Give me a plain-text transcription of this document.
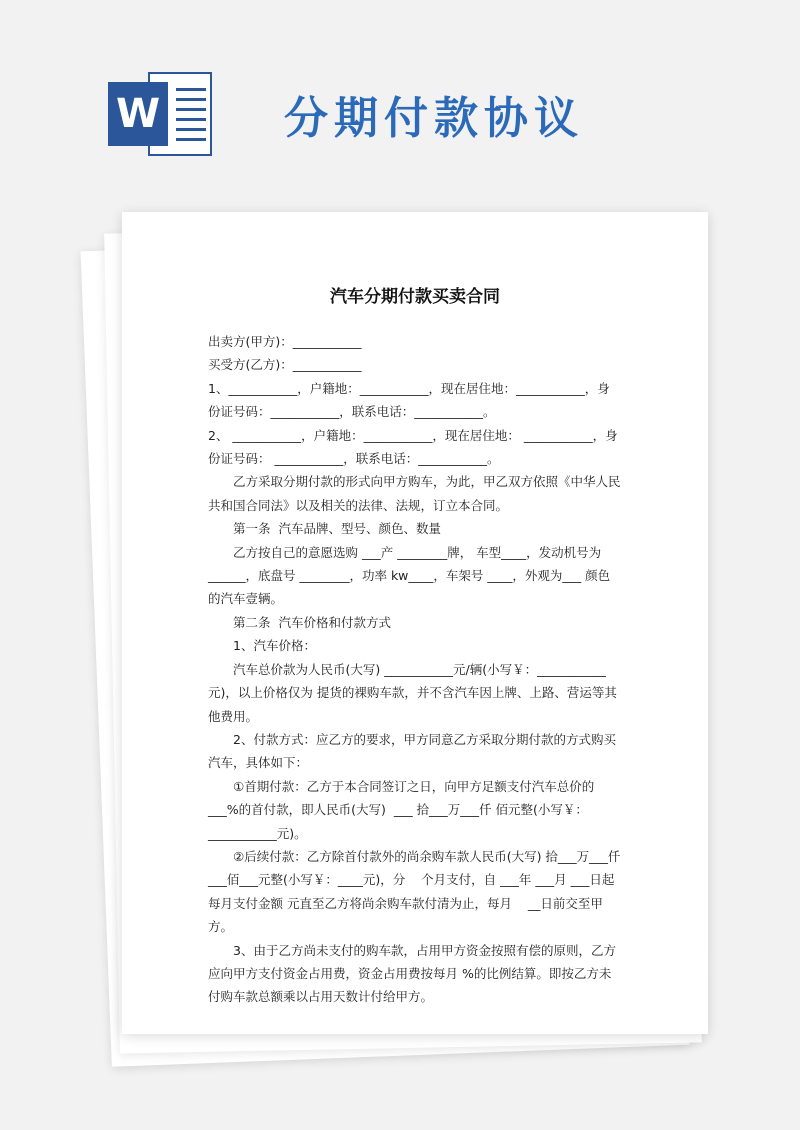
W	分期付款协议
汽车分期付款买卖合同

出卖方(甲方)：___________

买受方(乙方)：___________

1、___________，户籍地：___________，现在居住地：___________，身份证号码：___________，联系电话：___________。

2、 ___________，户籍地：___________，现在居住地： ___________，身份证号码： ___________，联系电话：___________。

乙方采取分期付款的形式向甲方购车，为此，甲乙双方依照《中华人民共和国合同法》以及相关的法律、法规，订立本合同。

第一条  汽车品牌、型号、颜色、数量

乙方按自己的意愿选购 ___产 ________牌， 车型____，发动机号为______，底盘号 ________，功率 kw____，车架号 ____，外观为___ 颜色的汽车壹辆。

第二条  汽车价格和付款方式

1、汽车价格：

汽车总价款为人民币(大写) ___________元/辆(小写￥：___________元)，以上价格仅为 提货的裸购车款，并不含汽车因上牌、上路、营运等其他费用。

2、付款方式：应乙方的要求，甲方同意乙方采取分期付款的方式购买汽车，具体如下：

①首期付款：乙方于本合同签订之日，向甲方足额支付汽车总价的  ___%的首付款，即人民币(大写)  ___ 拾___万___仟 佰元整(小写￥：___________元)。

②后续付款：乙方除首付款外的尚余购车款人民币(大写) 拾___万___仟___佰___元整(小写￥：____元)，分    个月支付，自 ___年 ___月 ___日起每月支付金额 元直至乙方将尚余购车款付清为止，每月    __日前交至甲方。

3、由于乙方尚未支付的购车款，占用甲方资金按照有偿的原则，乙方应向甲方支付资金占用费，资金占用费按每月 %的比例结算。即按乙方未付购车款总额乘以占用天数计付给甲方。
